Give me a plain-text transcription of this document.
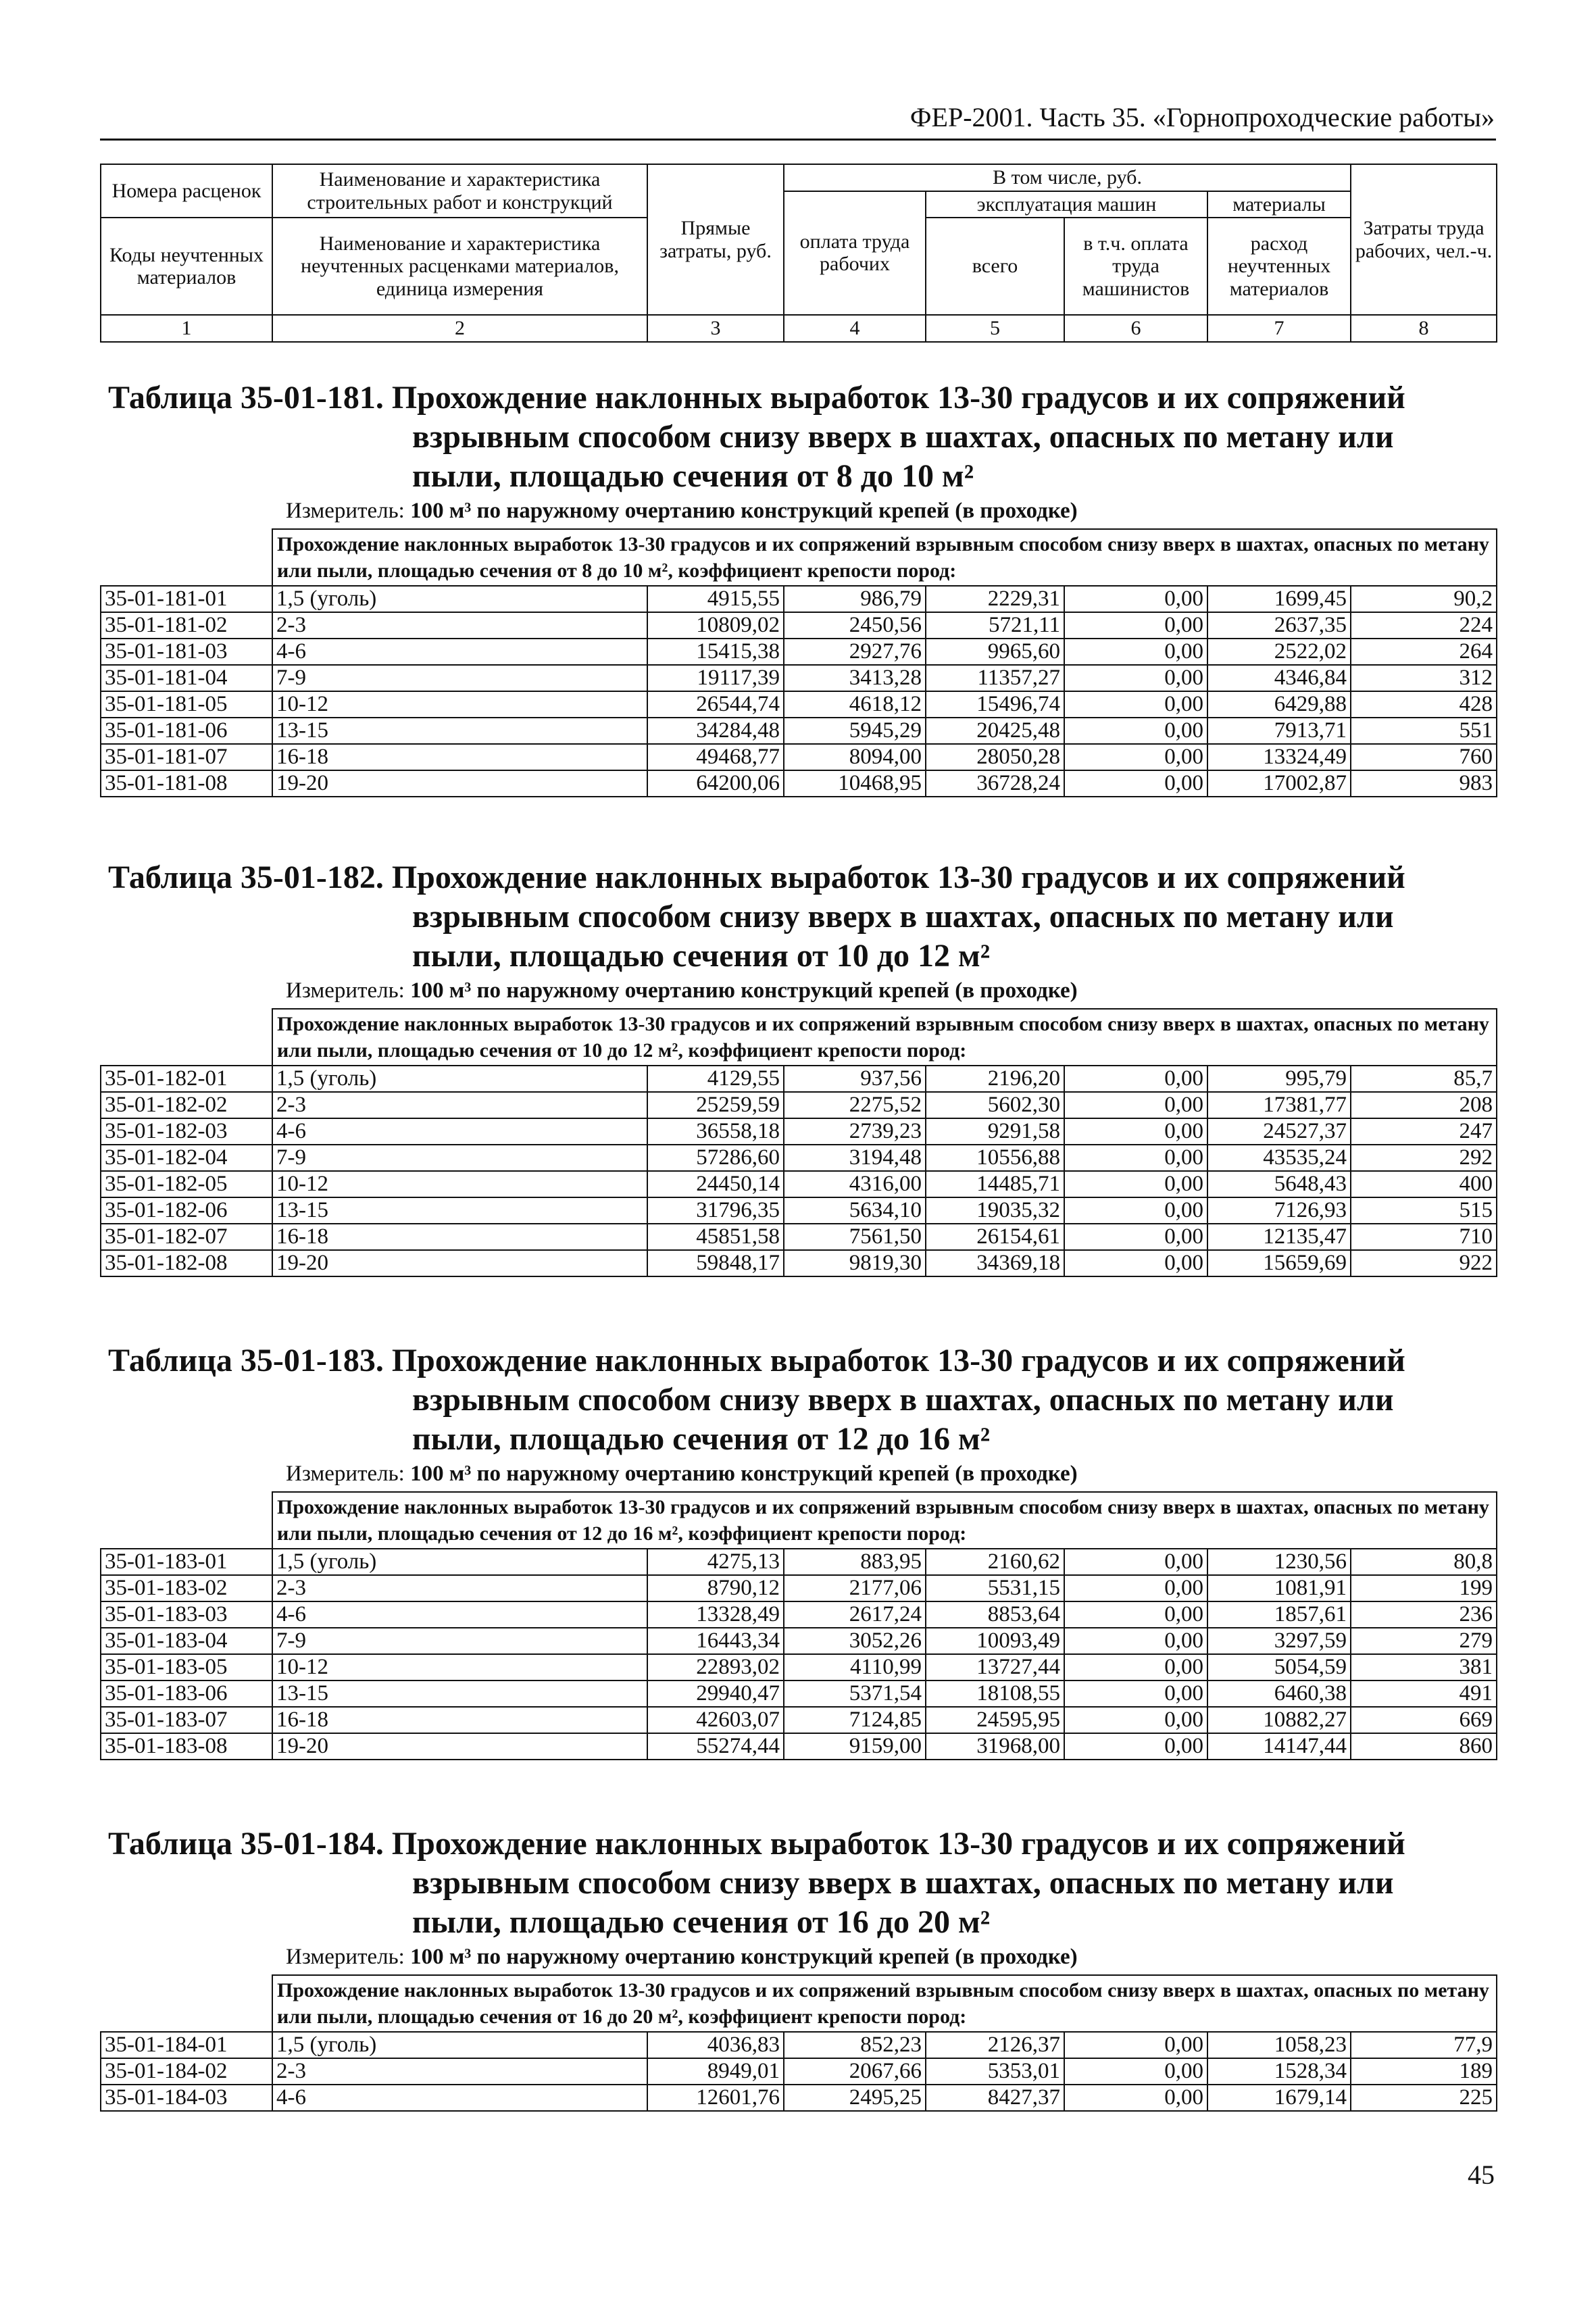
ФЕР-2001. Часть 35. «Горнопроходческие работы»
Номера расценок	Наименование и характеристика строительных работ и конструкций	Прямые затраты, руб.	В том числе, руб.				Затраты труда рабочих, чел.-ч.
			оплата труда рабочих	эксплуатация машин		материалы	
Коды неучтенных материалов	Наименование и характеристика неучтенных расценками материалов, единица измерения			всего	в т.ч. оплата труда машинистов	расход неучтенных материалов	

1	2	3	4	5	6	7	8
Таблица 35-01-181. Прохождение наклонных выработок 13-30 градусов и их сопряжений
взрывным способом снизу вверх в шахтах, опасных по метану или
пыли, площадью сечения от 8 до 10 м²
Измеритель: 100 м³ по наружному очертанию конструкций крепей (в проходке)
	Прохождение наклонных выработок 13-30 градусов и их сопряжений взрывным способом снизу вверх в шахтах, опасных по метану или пыли, площадью сечения от 8 до 10 м², коэффициент крепости пород:						
35-01-181-01	1,5 (уголь)	4915,55	986,79	2229,31	0,00	1699,45	90,2
35-01-181-02	2-3	10809,02	2450,56	5721,11	0,00	2637,35	224
35-01-181-03	4-6	15415,38	2927,76	9965,60	0,00	2522,02	264
35-01-181-04	7-9	19117,39	3413,28	11357,27	0,00	4346,84	312
35-01-181-05	10-12	26544,74	4618,12	15496,74	0,00	6429,88	428
35-01-181-06	13-15	34284,48	5945,29	20425,48	0,00	7913,71	551
35-01-181-07	16-18	49468,77	8094,00	28050,28	0,00	13324,49	760
35-01-181-08	19-20	64200,06	10468,95	36728,24	0,00	17002,87	983
Таблица 35-01-182. Прохождение наклонных выработок 13-30 градусов и их сопряжений
взрывным способом снизу вверх в шахтах, опасных по метану или
пыли, площадью сечения от 10 до 12 м²
Измеритель: 100 м³ по наружному очертанию конструкций крепей (в проходке)
	Прохождение наклонных выработок 13-30 градусов и их сопряжений взрывным способом снизу вверх в шахтах, опасных по метану или пыли, площадью сечения от 10 до 12 м², коэффициент крепости пород:						
35-01-182-01	1,5 (уголь)	4129,55	937,56	2196,20	0,00	995,79	85,7
35-01-182-02	2-3	25259,59	2275,52	5602,30	0,00	17381,77	208
35-01-182-03	4-6	36558,18	2739,23	9291,58	0,00	24527,37	247
35-01-182-04	7-9	57286,60	3194,48	10556,88	0,00	43535,24	292
35-01-182-05	10-12	24450,14	4316,00	14485,71	0,00	5648,43	400
35-01-182-06	13-15	31796,35	5634,10	19035,32	0,00	7126,93	515
35-01-182-07	16-18	45851,58	7561,50	26154,61	0,00	12135,47	710
35-01-182-08	19-20	59848,17	9819,30	34369,18	0,00	15659,69	922
Таблица 35-01-183. Прохождение наклонных выработок 13-30 градусов и их сопряжений
взрывным способом снизу вверх в шахтах, опасных по метану или
пыли, площадью сечения от 12 до 16 м²
Измеритель: 100 м³ по наружному очертанию конструкций крепей (в проходке)
	Прохождение наклонных выработок 13-30 градусов и их сопряжений взрывным способом снизу вверх в шахтах, опасных по метану или пыли, площадью сечения от 12 до 16 м², коэффициент крепости пород:						
35-01-183-01	1,5 (уголь)	4275,13	883,95	2160,62	0,00	1230,56	80,8
35-01-183-02	2-3	8790,12	2177,06	5531,15	0,00	1081,91	199
35-01-183-03	4-6	13328,49	2617,24	8853,64	0,00	1857,61	236
35-01-183-04	7-9	16443,34	3052,26	10093,49	0,00	3297,59	279
35-01-183-05	10-12	22893,02	4110,99	13727,44	0,00	5054,59	381
35-01-183-06	13-15	29940,47	5371,54	18108,55	0,00	6460,38	491
35-01-183-07	16-18	42603,07	7124,85	24595,95	0,00	10882,27	669
35-01-183-08	19-20	55274,44	9159,00	31968,00	0,00	14147,44	860
Таблица 35-01-184. Прохождение наклонных выработок 13-30 градусов и их сопряжений
взрывным способом снизу вверх в шахтах, опасных по метану или
пыли, площадью сечения от 16 до 20 м²
Измеритель: 100 м³ по наружному очертанию конструкций крепей (в проходке)
	Прохождение наклонных выработок 13-30 градусов и их сопряжений взрывным способом снизу вверх в шахтах, опасных по метану или пыли, площадью сечения от 16 до 20 м², коэффициент крепости пород:						
35-01-184-01	1,5 (уголь)	4036,83	852,23	2126,37	0,00	1058,23	77,9
35-01-184-02	2-3	8949,01	2067,66	5353,01	0,00	1528,34	189
35-01-184-03	4-6	12601,76	2495,25	8427,37	0,00	1679,14	225
45
